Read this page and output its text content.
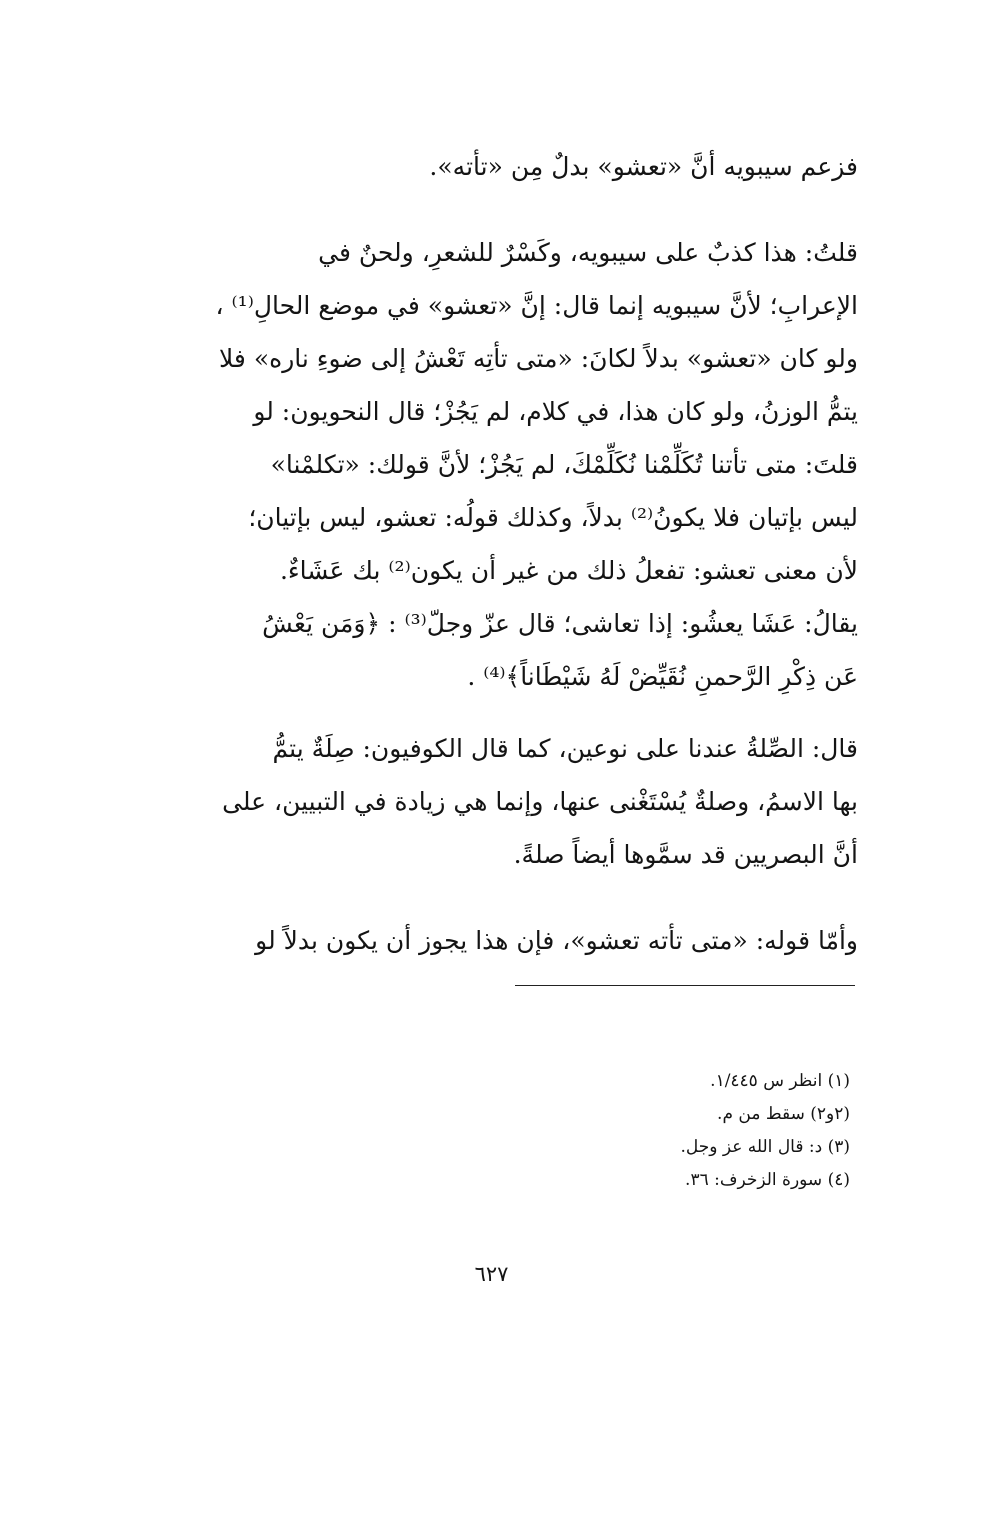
فزعم سيبويه أنَّ «تعشو» بدلٌ مِن «تأته».
قلتُ: هذا كذبٌ على سيبويه، وكَسْرٌ للشعرِ، ولحنٌ في
الإعرابِ؛ لأنَّ سيبويه إنما قال: إنَّ «تعشو» في موضع الحالِ⁽¹⁾ ،
ولو كان «تعشو» بدلاً لكانَ: «متى تأتِه تَعْشُ إلى ضوءِ ناره» فلا
يتمُّ الوزنُ، ولو كان هذا، في كلام، لم يَجُزْ؛ قال النحويون: لو
قلتَ: متى تأتنا تُكَلِّمْنا نُكَلِّمْكَ، لم يَجُزْ؛ لأنَّ قولك: «تكلمْنا»
ليس بإتيان فلا يكونُ⁽²⁾ بدلاً، وكذلك قولُه: تعشو، ليس بإتيان؛
لأن معنى تعشو: تفعلُ ذلك من غير أن يكون⁽²⁾ بك عَشَاءٌ.
يقالُ: عَشَا يعشُو: إذا تعاشى؛ قال عزّ وجلّ⁽³⁾ : ﴿وَمَن يَعْشُ
عَن ذِكْرِ الرَّحمنِ نُقَيِّضْ لَهُ شَيْطَاناً﴾⁽⁴⁾ .
قال: الصِّلةُ عندنا على نوعين، كما قال الكوفيون: صِلَةٌ يتمُّ
بها الاسمُ، وصلةٌ يُسْتَغْنى عنها، وإنما هي زيادة في التبيين، على
أنَّ البصريين قد سمَّوها أيضاً صلةً.
وأمّا قوله: «متى تأته تعشو»، فإن هذا يجوز أن يكون بدلاً لو
(١) انظر س ١/٤٤٥.
(٢و٢) سقط من م.
(٣) د: قال الله عز وجل.
(٤) سورة الزخرف: ٣٦.
٦٢٧
